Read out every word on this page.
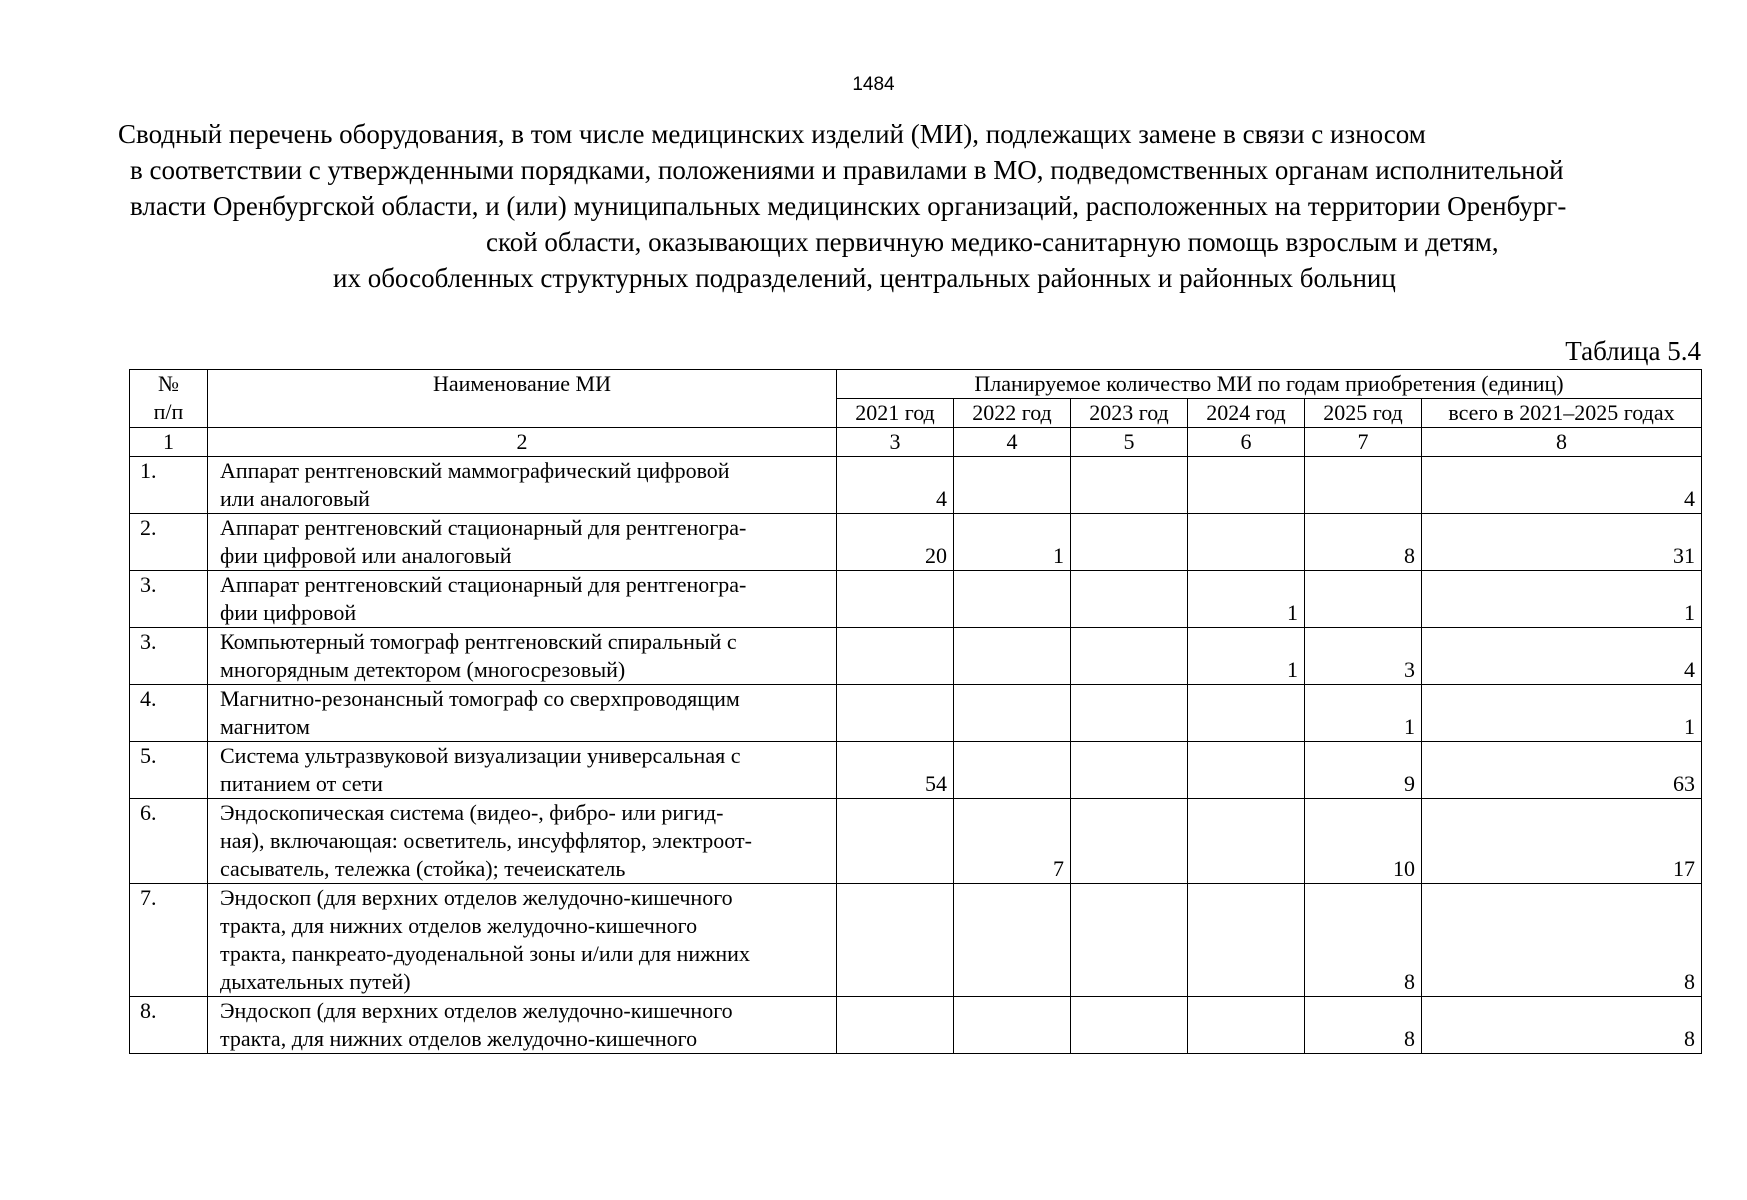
1484
Сводный перечень оборудования, в том числе медицинских изделий (МИ), подлежащих замене в связи с износом
в соответствии с утвержденными порядками, положениями и правилами в МО, подведомственных органам исполнительной
власти Оренбургской области, и (или) муниципальных медицинских организаций, расположенных на территории Оренбург-
ской области, оказывающих первичную медико-санитарную помощь взрослым и детям,
их обособленных структурных подразделений, центральных районных и районных больниц
Таблица 5.4
№
п/п	Наименование МИ	Планируемое количество МИ по годам приобретения (единиц)					
		2021 год	2022 год	2023 год	2024 год	2025 год	всего в 2021–2025 годах
1	2	3	4	5	6	7	8
1.	Аппарат рентгеновский маммографический цифровой
или аналоговый	4					4
2.	Аппарат рентгеновский стационарный для рентгеногра-
фии цифровой или аналоговый	20	1			8	31
3.	Аппарат рентгеновский стационарный для рентгеногра-
фии цифровой				1		1
3.	Компьютерный томограф рентгеновский спиральный с
многорядным детектором (многосрезовый)				1	3	4
4.	Магнитно-резонансный томограф со сверхпроводящим
магнитом					1	1
5.	Система ультразвуковой визуализации универсальная с
питанием от сети	54				9	63
6.	Эндоскопическая система (видео-, фибро- или ригид-
ная), включающая: осветитель, инсуффлятор, электроот-
сасыватель, тележка (стойка); течеискатель		7			10	17
7.	Эндоскоп (для верхних отделов желудочно-кишечного
тракта, для нижних отделов желудочно-кишечного
тракта, панкреато-дуоденальной зоны и/или для нижних
дыхательных путей)					8	8
8.	Эндоскоп (для верхних отделов желудочно-кишечного
тракта, для нижних отделов желудочно-кишечного					8	8
